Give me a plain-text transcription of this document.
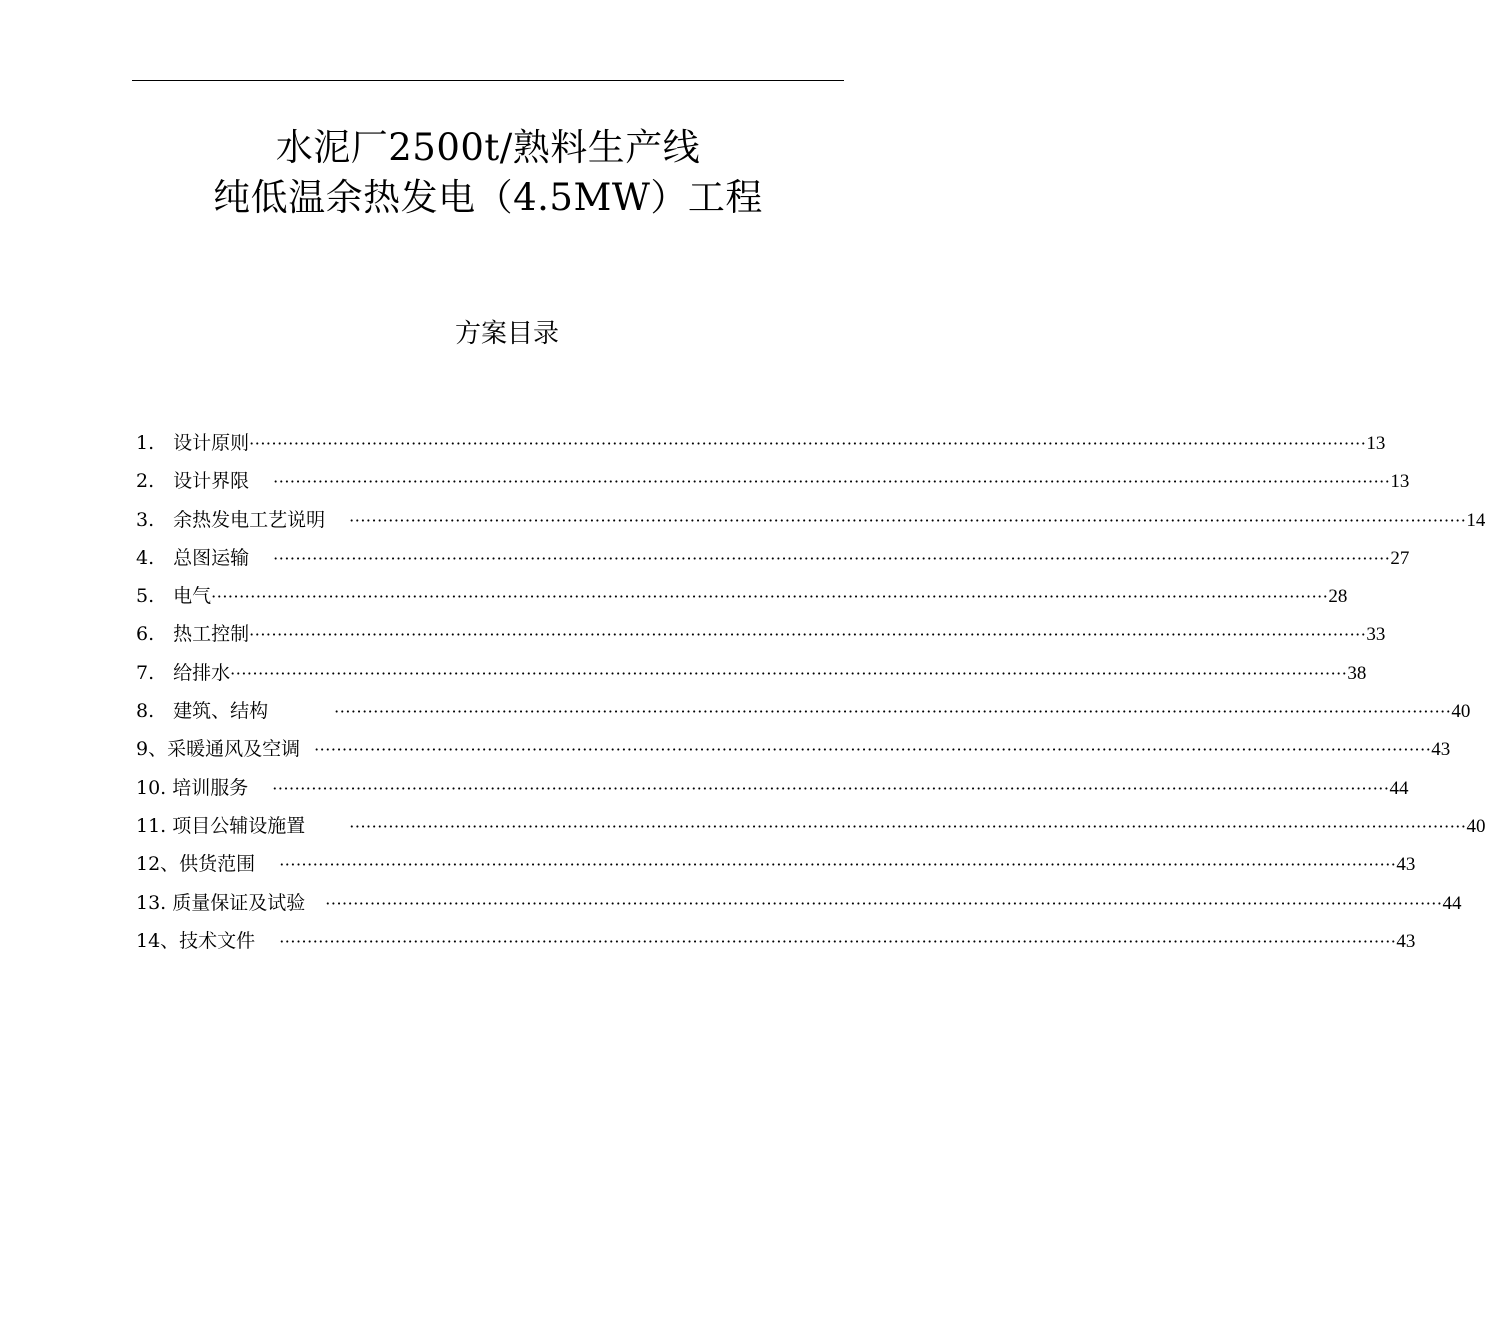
水泥厂2500t/熟料生产线
纯低温余热发电（4.5MW）工程
方案目录
1.　设计原则 ········································································································································································································ 13
2.　设计界限 ········································································································································································································ 13
3.　余热发电工艺说明 ········································································································································································································ 14
4.　总图运输 ········································································································································································································ 27
5.　电气 ········································································································································································································ 28
6.　热工控制 ········································································································································································································ 33
7.　给排水 ········································································································································································································ 38
8.　建筑、结构	········································································································································································································ 40
9、采暖通风及空调 ········································································································································································································ 43
10. 培训服务 ········································································································································································································ 44
11. 项目公辅设施置	········································································································································································································ 40
12、供货范围 ········································································································································································································ 43
13. 质量保证及试验 ········································································································································································································ 44
14、技术文件 ········································································································································································································ 43
